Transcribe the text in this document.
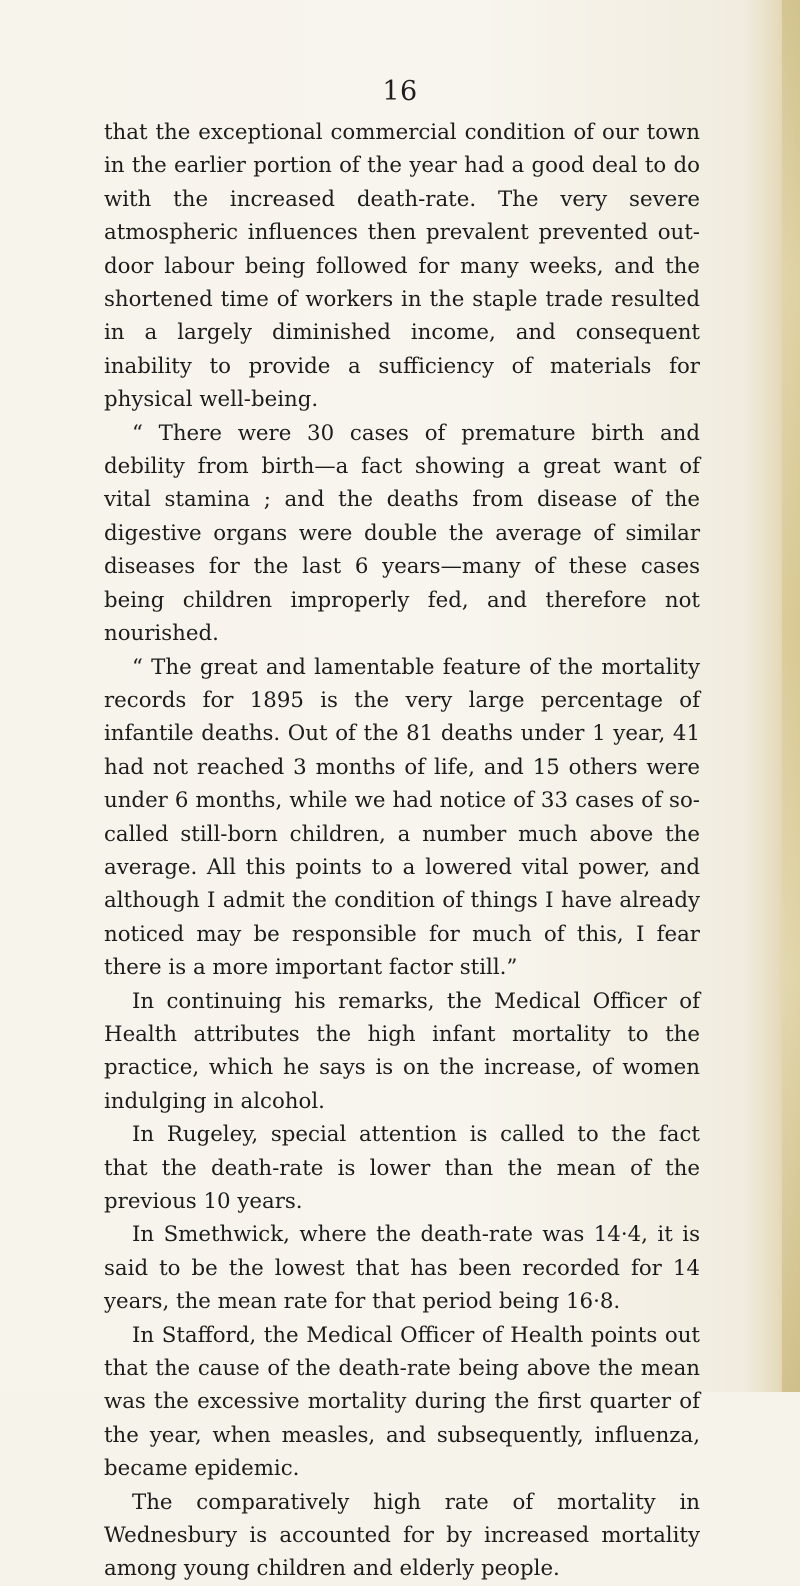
16

that the exceptional commercial condition of our town in the earlier portion of the year had a good deal to do with the increased death-rate. The very severe atmospheric influences then prevalent prevented out-door labour being followed for many weeks, and the shortened time of workers in the staple trade resulted in a largely diminished income, and consequent inability to provide a sufficiency of materials for physical well-being.

“ There were 30 cases of premature birth and debility from birth—a fact showing a great want of vital stamina ; and the deaths from disease of the digestive organs were double the average of similar diseases for the last 6 years—many of these cases being children improperly fed, and therefore not nourished.

“ The great and lamentable feature of the mortality records for 1895 is the very large percentage of infantile deaths. Out of the 81 deaths under 1 year, 41 had not reached 3 months of life, and 15 others were under 6 months, while we had notice of 33 cases of so-called still-born children, a number much above the average. All this points to a lowered vital power, and although I admit the condition of things I have already noticed may be responsible for much of this, I fear there is a more important factor still.”

In continuing his remarks, the Medical Officer of Health attributes the high infant mortality to the practice, which he says is on the increase, of women indulging in alcohol.

In Rugeley, special attention is called to the fact that the death-rate is lower than the mean of the previous 10 years.

In Smethwick, where the death-rate was 14·4, it is said to be the lowest that has been recorded for 14 years, the mean rate for that period being 16·8.

In Stafford, the Medical Officer of Health points out that the cause of the death-rate being above the mean was the excessive mortality during the first quarter of the year, when measles, and subsequently, influenza, became epidemic.

The comparatively high rate of mortality in Wednesbury is accounted for by increased mortality among young children and elderly people.
